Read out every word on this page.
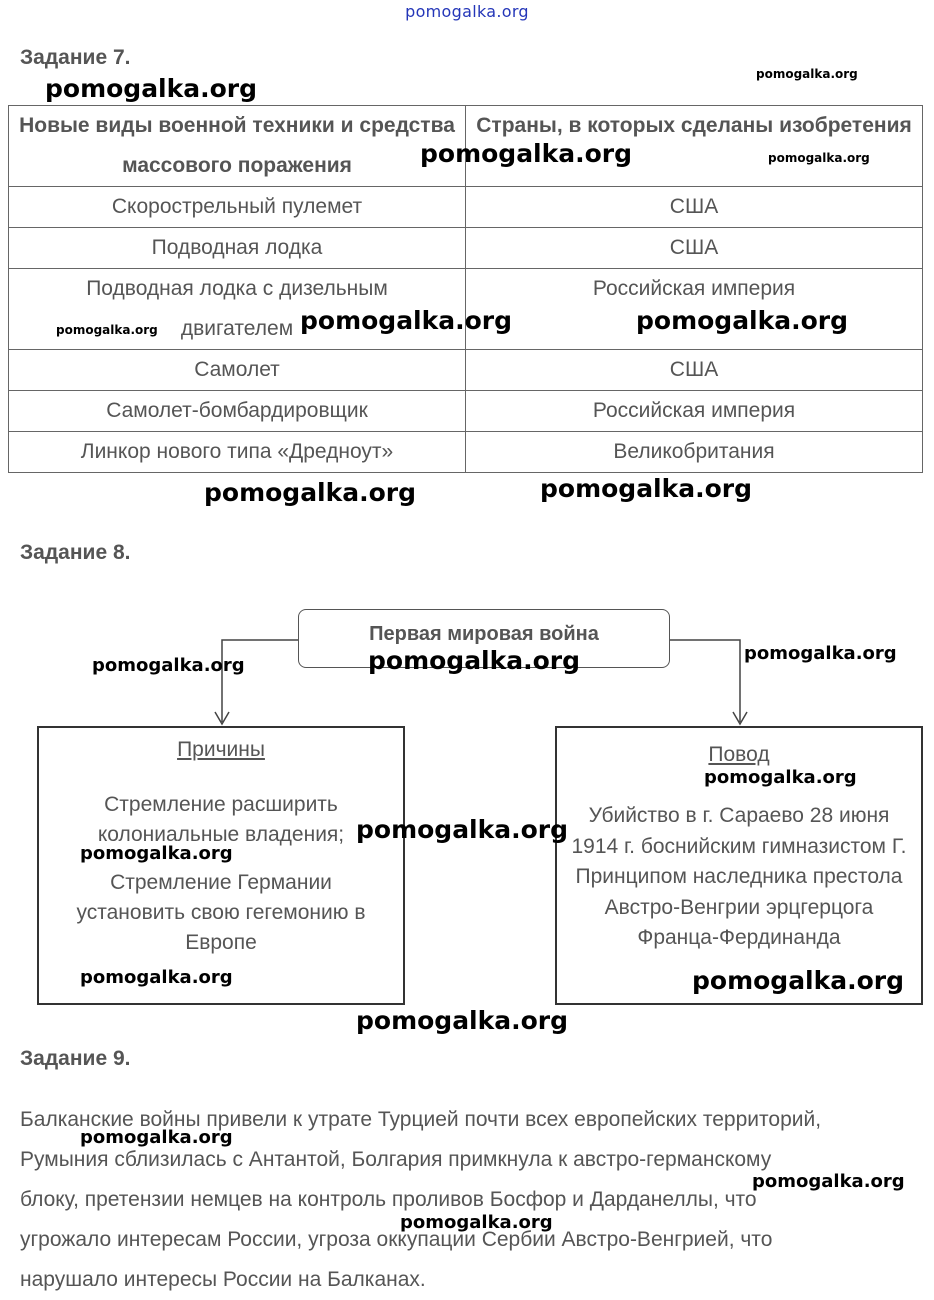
pomogalka.org
Задание 7.
Новые виды военной техники и средства массового поражения	Страны, в которых сделаны изобретения
Скорострельный пулемет	США
Подводная лодка	США
Подводная лодка с дизельным двигателем	Российская империя
Самолет	США
Самолет-бомбардировщик	Российская империя
Линкор нового типа «Дредноут»	Великобритания
Задание 8.
Первая мировая война
Причины

Стремление расширить колониальные владения;

Стремление Германии установить свою гегемонию в Европе

Повод

Убийство в г. Сараево 28 июня 1914 г. боснийским гимназистом Г. Принципом наследника престола Австро-Венгрии эрцгерцога Франца-Фердинанда

Задание 9.

Балканские войны привели к утрате Турцией почти всех европейских территорий,

Румыния сблизилась с Антантой, Болгария примкнула к австро-германскому

блоку, претензии немцев на контроль проливов Босфор и Дарданеллы, что

угрожало интересам России, угроза оккупации Сербии Австро-Венгрией, что

нарушало интересы России на Балканах.

pomogalka.org	pomogalka.org
pomogalka.org	pomogalka.org
pomogalka.org	pomogalka.org	pomogalka.org
pomogalka.org	pomogalka.org
pomogalka.org	pomogalka.org	pomogalka.org
pomogalka.org
pomogalka.org
pomogalka.org
pomogalka.org	pomogalka.org
pomogalka.org
pomogalka.org
pomogalka.org
pomogalka.org
